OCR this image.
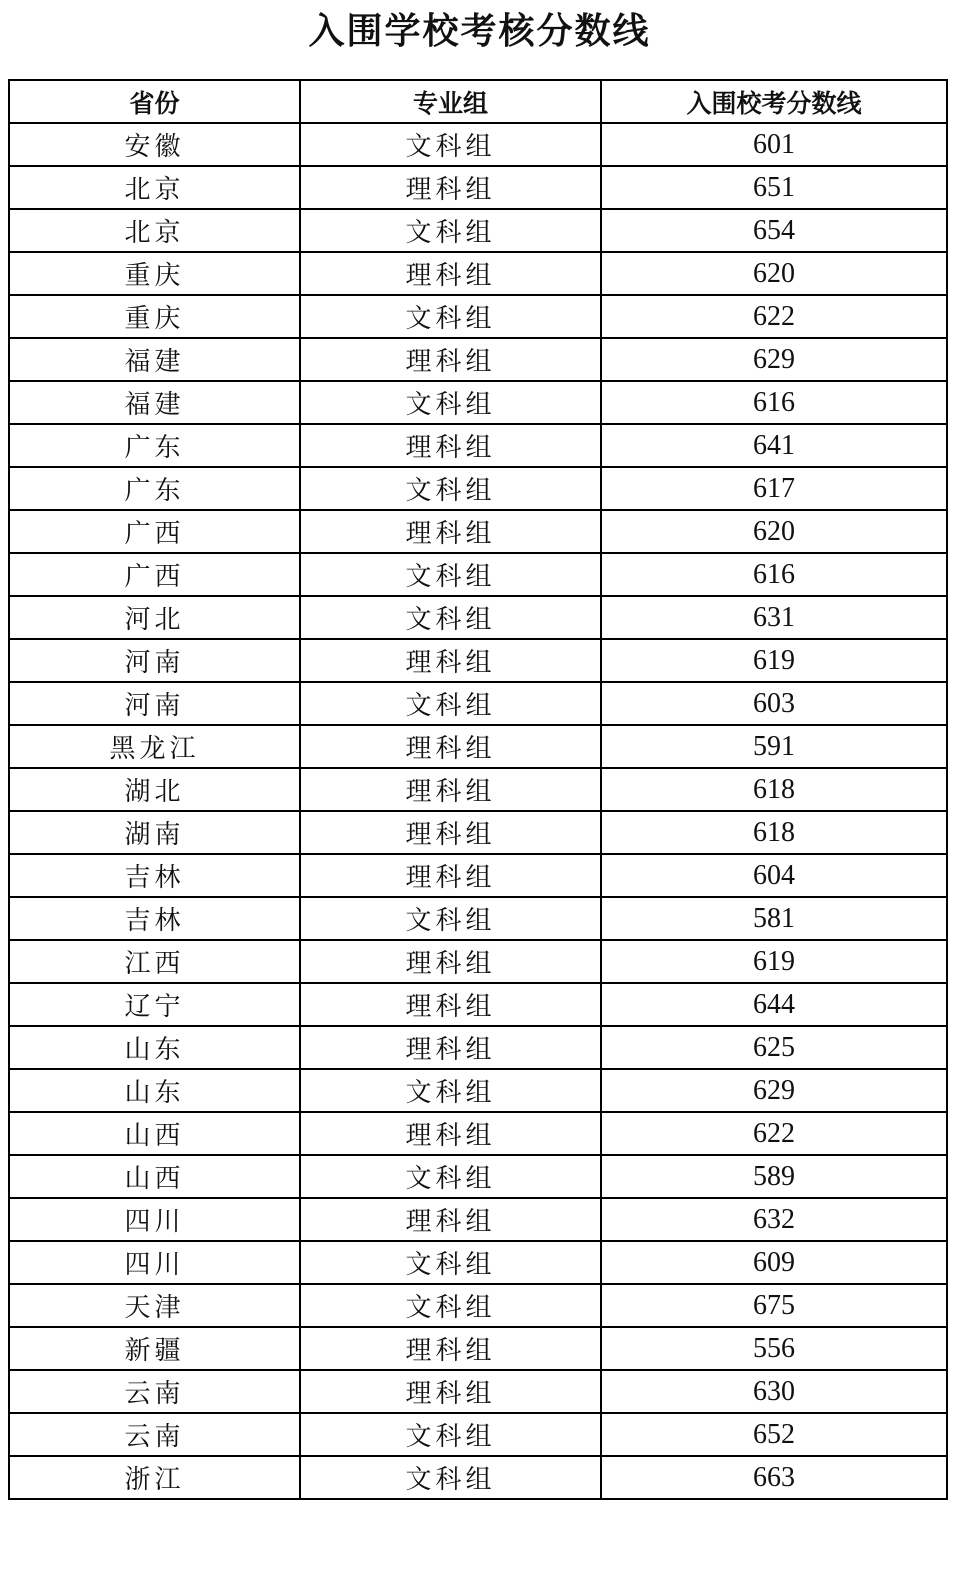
入围学校考核分数线
省份	专业组	入围校考分数线
安徽	文科组	601
北京	理科组	651
北京	文科组	654
重庆	理科组	620
重庆	文科组	622
福建	理科组	629
福建	文科组	616
广东	理科组	641
广东	文科组	617
广西	理科组	620
广西	文科组	616
河北	文科组	631
河南	理科组	619
河南	文科组	603
黑龙江	理科组	591
湖北	理科组	618
湖南	理科组	618
吉林	理科组	604
吉林	文科组	581
江西	理科组	619
辽宁	理科组	644
山东	理科组	625
山东	文科组	629
山西	理科组	622
山西	文科组	589
四川	理科组	632
四川	文科组	609
天津	文科组	675
新疆	理科组	556
云南	理科组	630
云南	文科组	652
浙江	文科组	663
